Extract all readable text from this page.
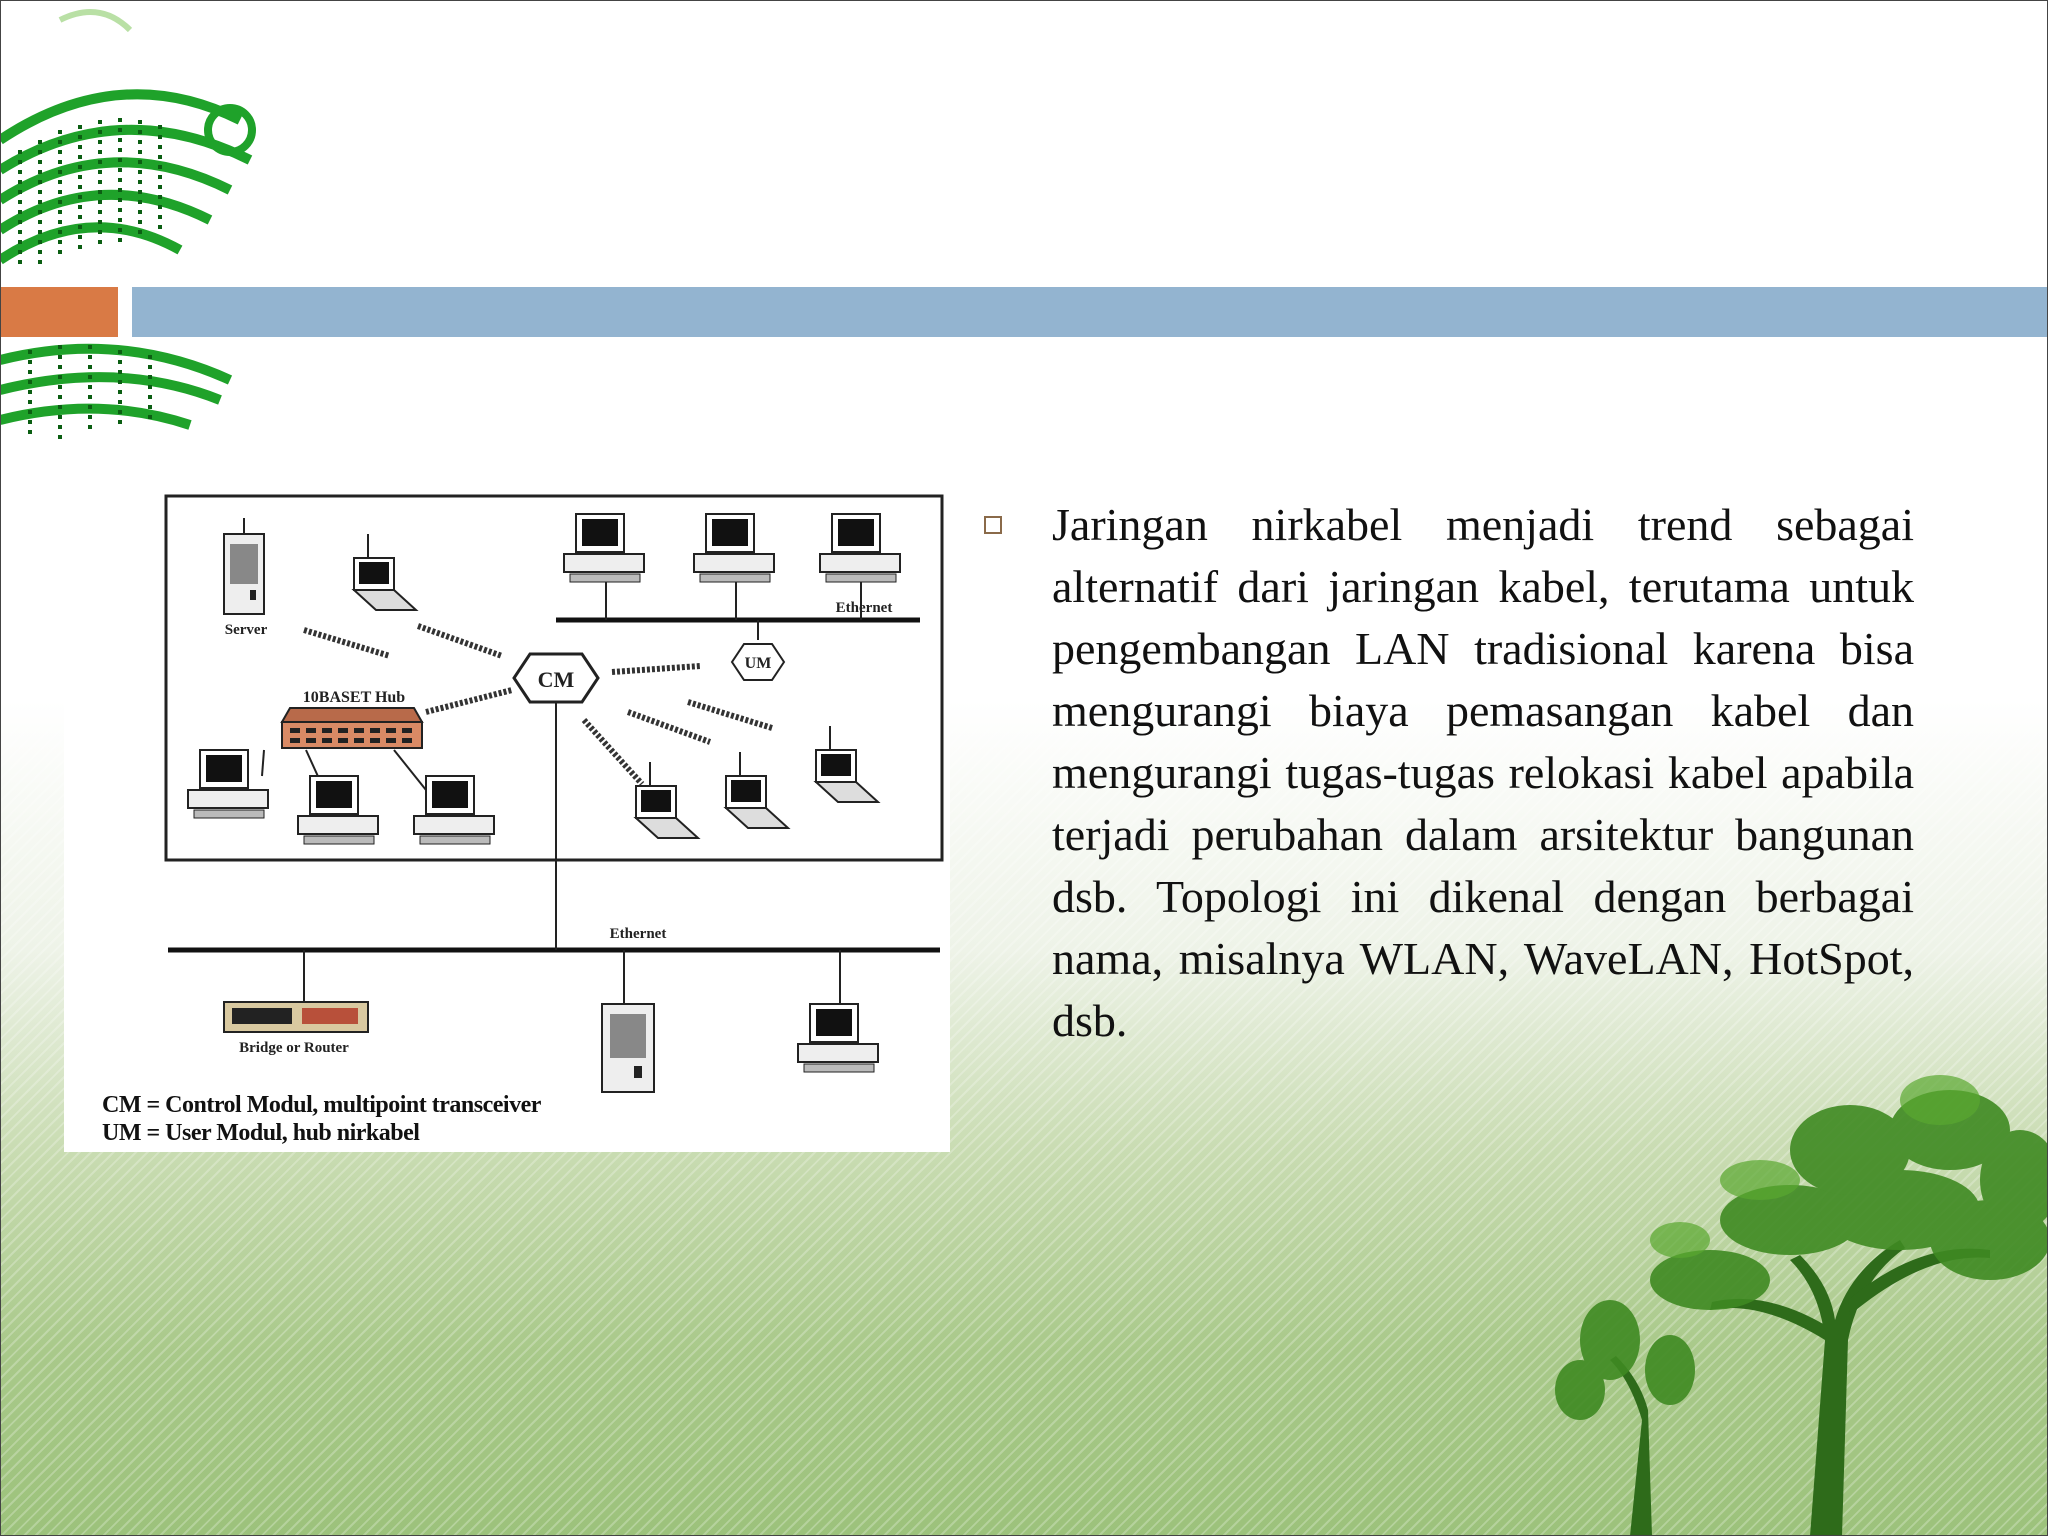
CM
UM
Server
Ethernet
10BASET Hub
Ethernet
Bridge or Router
CM = Control Modul, multipoint transceiver
UM = User Modul, hub nirkabel
Jaringan nirkabel menjadi trend sebagai alternatif dari jaringan kabel, terutama untuk pengembangan LAN tradisional karena bisa mengurangi biaya pemasangan kabel dan mengurangi tugas-tugas relokasi kabel apabila terjadi perubahan dalam arsitektur bangunan dsb. Topologi ini dikenal dengan berbagai nama, misalnya WLAN, WaveLAN, HotSpot, dsb.
